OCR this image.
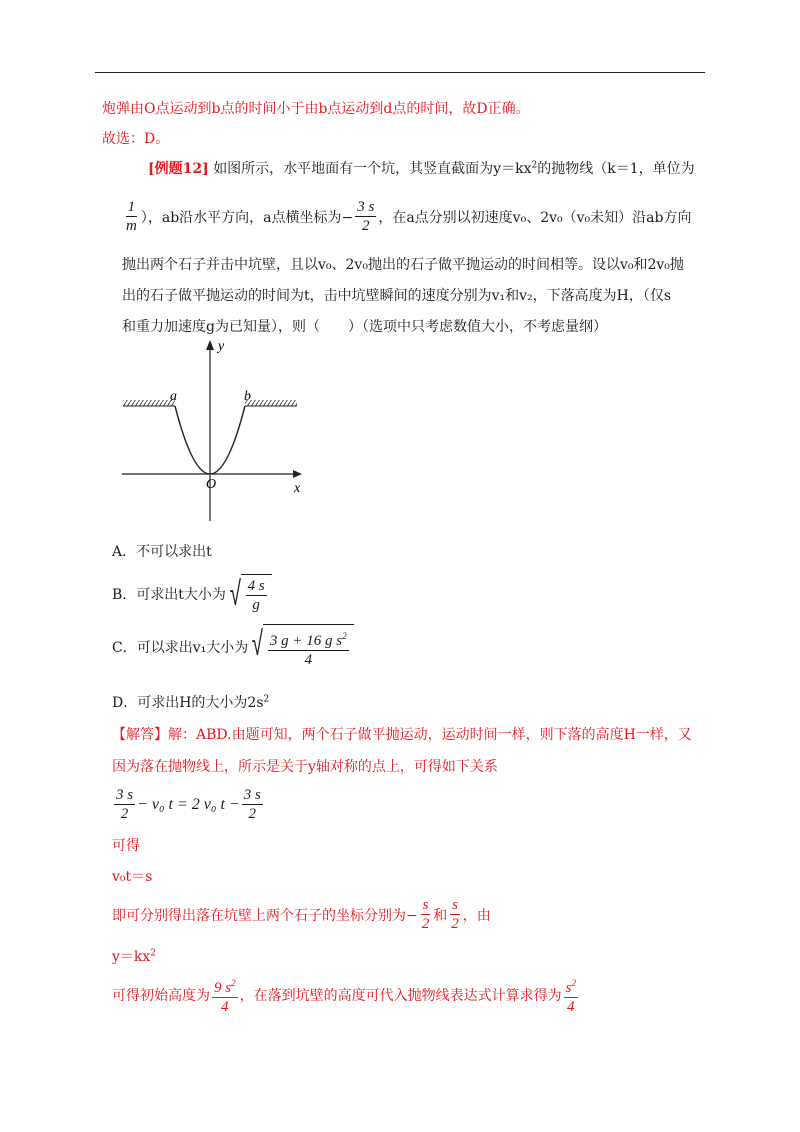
炮弹由O点运动到b点的时间小于由b点运动到d点的时间，故D正确。
故选：D。
[例题12] 如图所示，水平地面有一个坑，其竖直截面为$y=kx^2$的抛物线（k＝1，单位为
$\frac{1}{m}$ ），ab沿水平方向，a点横坐标为− $\frac{3 s}{2}$ ，在a点分别以初速度v₀、2v₀（v₀未知）沿ab方向
抛出两个石子并击中坑壁，且以v₀、2v₀抛出的石子做平抛运动的时间相等。设以v₀和2v₀抛
出的石子做平抛运动的时间为t，击中坑壁瞬间的速度分别为v₁和v₂，下落高度为H，（仅s
和重力加速度g为已知量），则（　　）（选项中只考虑数值大小，不考虑量纲）
y
x
O
a	b
A．不可以求出t
B．可求出t大小为 √ $\frac{4 s}{g}$
C．可以求出v₁大小为 √ $\frac{3 g + 16 g s^2}{4}$
D．可求出H的大小为$2s^2$
【解答】解：ABD.由题可知，两个石子做平抛运动，运动时间一样，则下落的高度H一样，又
因为落在抛物线上，所示是关于y轴对称的点上，可得如下关系
$\frac{3 s}{2} - v_0$ t = 2 v₀ $t - \frac{3 s}{2}$
可得
v₀t＝s
即可分别得出落在坑壁上两个石子的坐标分别为− $\frac{s}{2}$ 和 $\frac{s}{2}$ ，由
$y=kx^2$
可得初始高度为 $\frac{9 s^2}{4}$ ，在落到坑壁的高度可代入抛物线表达式计算求得为 $\frac{s^2}{4}$
